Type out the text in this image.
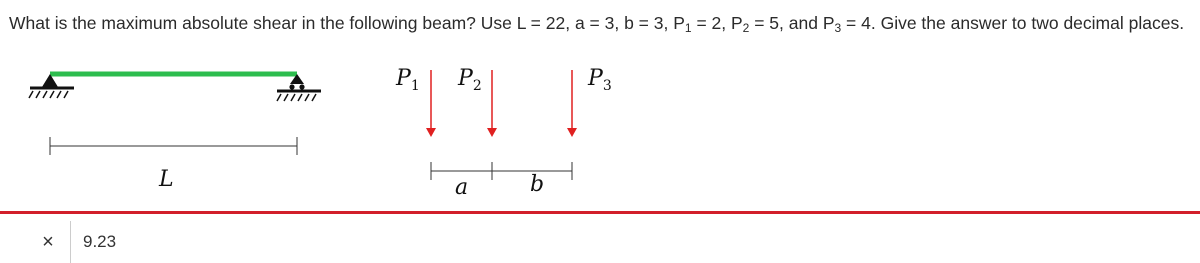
What is the maximum absolute shear in the following beam? Use L = 22, a = 3, b = 3, $P_1 = 2$, $P_2 = 5$, and $P_3 = 4$. Give the answer to two decimal places.
L
$P_1$ $P_2$	$P_3$
a	b
×	9.23
